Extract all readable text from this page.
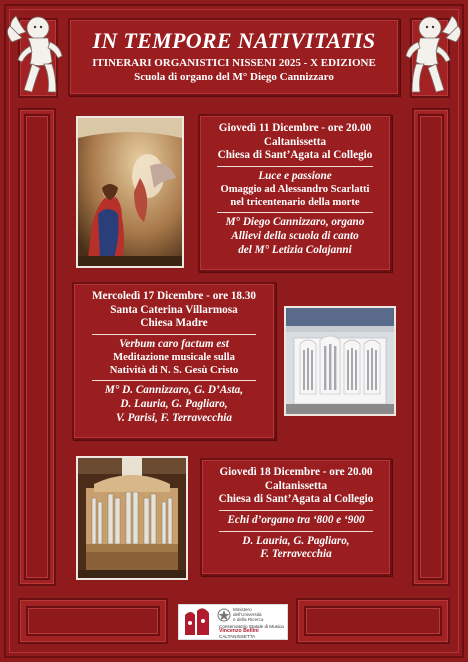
IN TEMPORE NATIVITATIS
ITINERARI ORGANISTICI NISSENI 2025 - X EDIZIONE
Scuola di organo del M° Diego Cannizzaro
Giovedì 11 Dicembre - ore 20.00
Caltanissetta
Chiesa di Sant’Agata al Collegio
Luce e passione
Omaggio ad Alessandro Scarlatti
nel tricentenario della morte
M° Diego Cannizzaro, organo
Allievi della scuola di canto
del M° Letizia Colajanni
Mercoledì 17 Dicembre - ore 18.30
Santa Caterina Villarmosa
Chiesa Madre
Verbum caro factum est
Meditazione musicale sulla
Natività di N. S. Gesù Cristo
M° D. Cannizzaro, G. D’Asta,
D. Lauria, G. Pagliaro,
V. Parisi, F. Terravecchia
Giovedì 18 Dicembre - ore 20.00
Caltanissetta
Chiesa di Sant’Agata al Collegio
Echi d’organo tra ‘800 e ‘900
D. Lauria, G. Pagliaro,
F. Terravecchia
Ministero
dell’Università
e della Ricerca
Conservatorio Statale di Musica
Vincenzo Bellini
CALTANISSETTA
